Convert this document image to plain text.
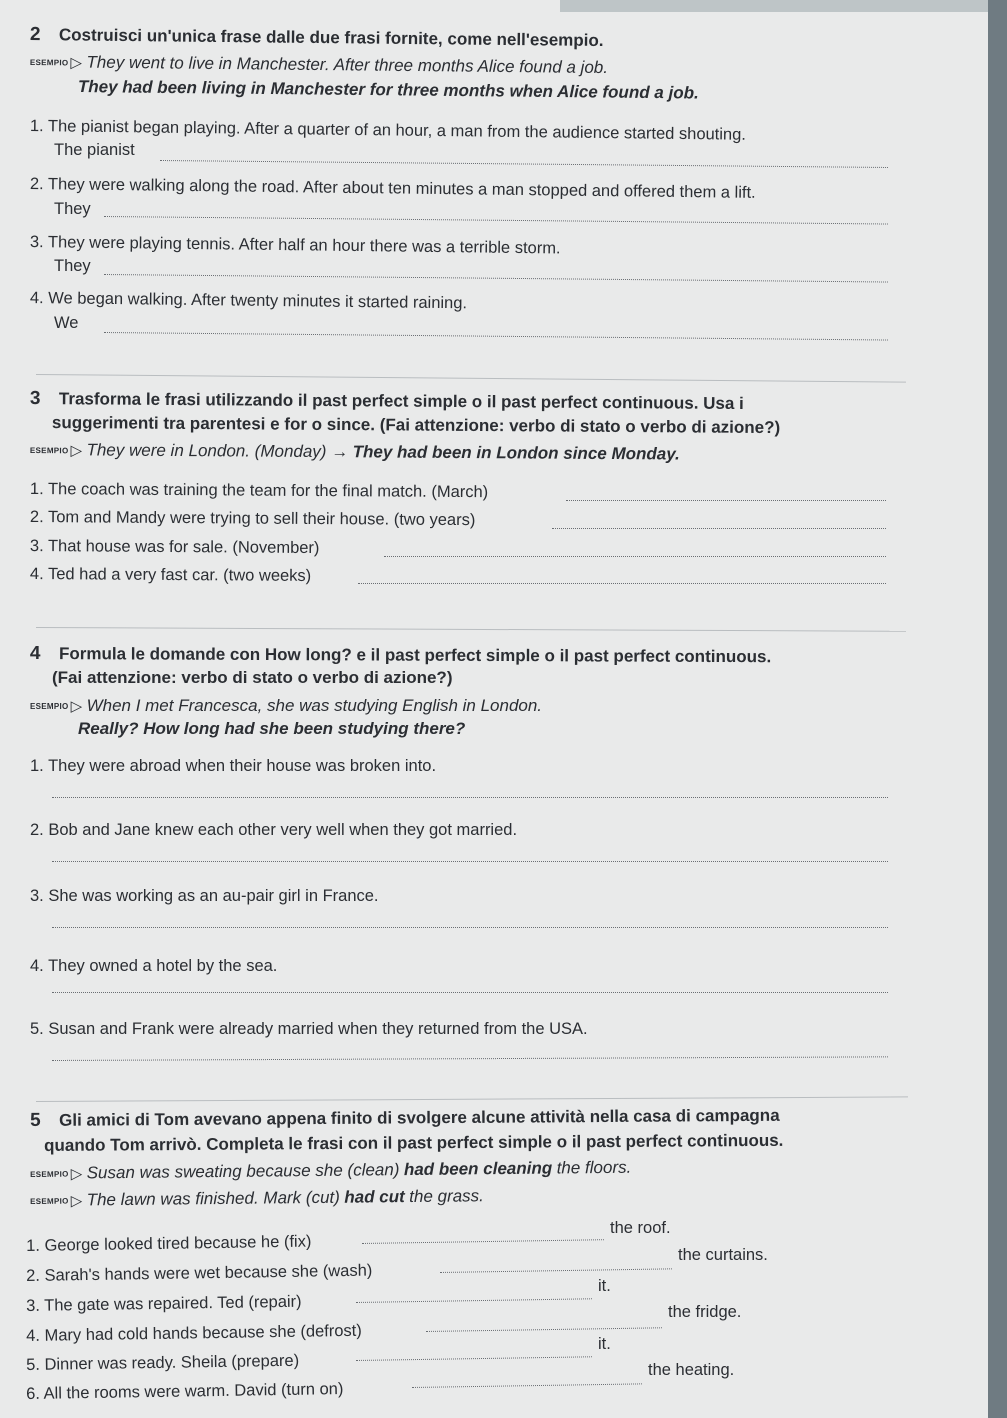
2 Costruisci un'unica frase dalle due frasi fornite, come nell'esempio.
ESEMPIO ▷ They went to live in Manchester. After three months Alice found a job.
They had been living in Manchester for three months when Alice found a job.
1. The pianist began playing. After a quarter of an hour, a man from the audience started shouting.
The pianist
2. They were walking along the road. After about ten minutes a man stopped and offered them a lift.
They
3. They were playing tennis. After half an hour there was a terrible storm.
They
4. We began walking. After twenty minutes it started raining.
We
3 Trasforma le frasi utilizzando il past perfect simple o il past perfect continuous. Usa i
suggerimenti tra parentesi e for o since. (Fai attenzione: verbo di stato o verbo di azione?)
ESEMPIO ▷ They were in London. (Monday) → They had been in London since Monday.
1. The coach was training the team for the final match. (March)
2. Tom and Mandy were trying to sell their house. (two years)
3. That house was for sale. (November)
4. Ted had a very fast car. (two weeks)
4 Formula le domande con How long? e il past perfect simple o il past perfect continuous.
(Fai attenzione: verbo di stato o verbo di azione?)
ESEMPIO ▷ When I met Francesca, she was studying English in London.
Really? How long had she been studying there?
1. They were abroad when their house was broken into.
2. Bob and Jane knew each other very well when they got married.
3. She was working as an au-pair girl in France.
4. They owned a hotel by the sea.
5. Susan and Frank were already married when they returned from the USA.
5 Gli amici di Tom avevano appena finito di svolgere alcune attività nella casa di campagna
quando Tom arrivò. Completa le frasi con il past perfect simple o il past perfect continuous.
ESEMPIO ▷ Susan was sweating because she (clean) had been cleaning the floors.
ESEMPIO ▷ The lawn was finished. Mark (cut) had cut the grass.
1. George looked tired because he (fix)
the roof.
2. Sarah's hands were wet because she (wash)
the curtains.
3. The gate was repaired. Ted (repair)
it.
4. Mary had cold hands because she (defrost)
the fridge.
5. Dinner was ready. Sheila (prepare)
it.
6. All the rooms were warm. David (turn on)
the heating.
